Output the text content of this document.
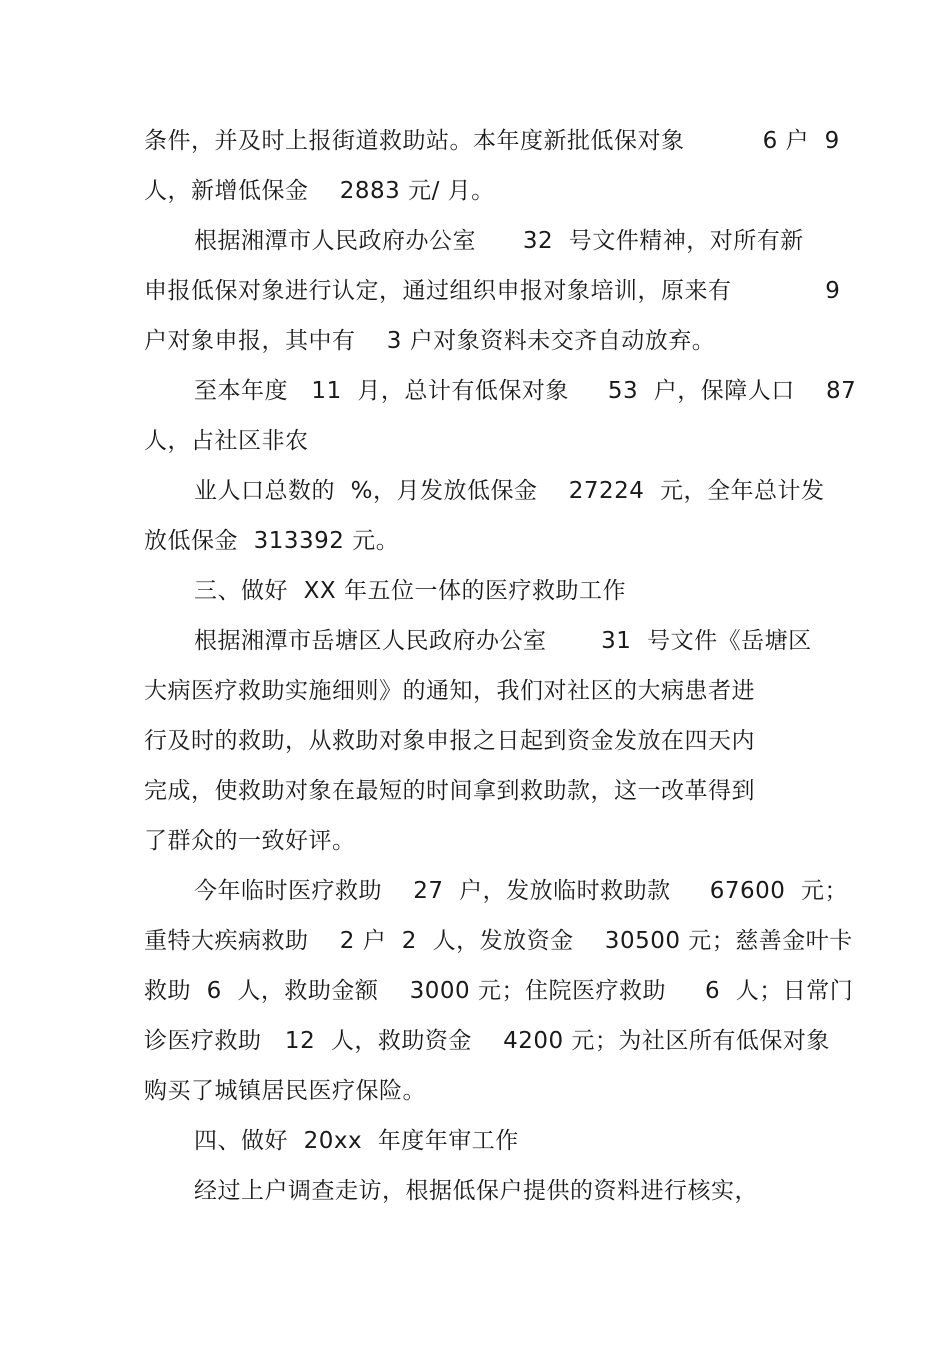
条件，并及时上报街道救助站。本年度新批低保对象          6 户  9
人，新增低保金    2883 元/ 月。
根据湘潭市人民政府办公室      32  号文件精神，对所有新
申报低保对象进行认定，通过组织申报对象培训，原来有            9
户对象申报，其中有    3 户对象资料未交齐自动放弃。
至本年度   11  月，总计有低保对象     53  户，保障人口    87
人，占社区非农
业人口总数的  %，月发放低保金    27224  元，全年总计发
放低保金  313392 元。
三、做好  XX 年五位一体的医疗救助工作
根据湘潭市岳塘区人民政府办公室       31  号文件《岳塘区
大病医疗救助实施细则》的通知，我们对社区的大病患者进
行及时的救助，从救助对象申报之日起到资金发放在四天内
完成，使救助对象在最短的时间拿到救助款，这一改革得到
了群众的一致好评。
今年临时医疗救助    27  户，发放临时救助款     67600  元；
重特大疾病救助    2 户  2  人，发放资金    30500 元；慈善金叶卡
救助  6  人，救助金额    3000 元；住院医疗救助     6  人；日常门
诊医疗救助   12  人，救助资金    4200 元；为社区所有低保对象
购买了城镇居民医疗保险。
四、做好  20xx  年度年审工作
经过上户调查走访，根据低保户提供的资料进行核实，
